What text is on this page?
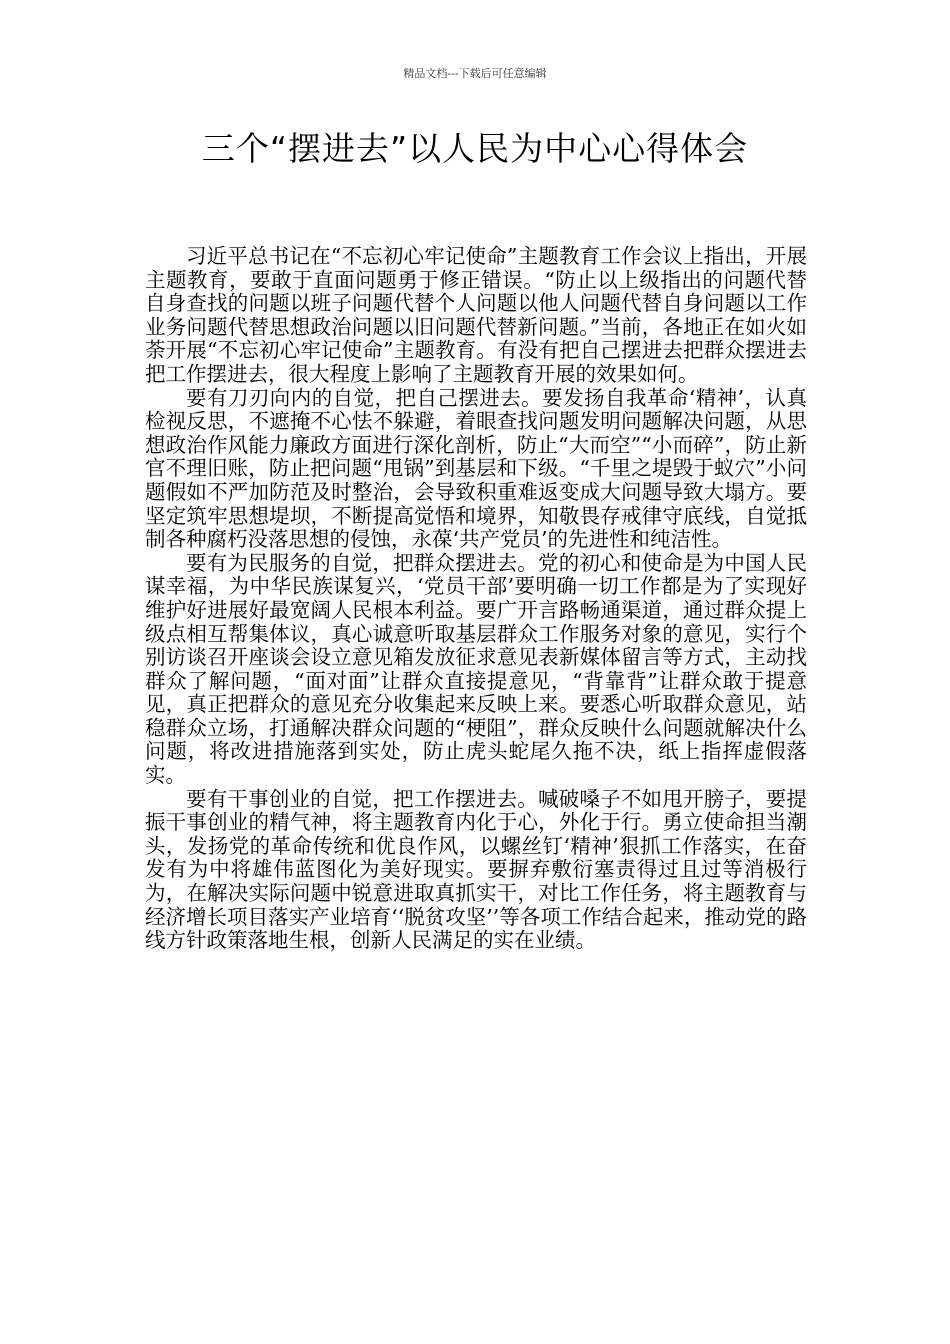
精品文档---下载后可任意编辑
三个“摆进去”以人民为中心心得体会

习近平总书记在“不忘初心牢记使命”主题教育工作会议上指出，开展主题教育，要敢于直面问题勇于修正错误。“防止以上级指出的问题代替自身查找的问题以班子问题代替个人问题以他人问题代替自身问题以工作业务问题代替思想政治问题以旧问题代替新问题。”当前，各地正在如火如荼开展“不忘初心牢记使命”主题教育。有没有把自己摆进去把群众摆进去把工作摆进去，很大程度上影响了主题教育开展的效果如何。

要有刀刃向内的自觉，把自己摆进去。要发扬自我革命‘精神’，认真检视反思，不遮掩不心怯不躲避，着眼查找问题发明问题解决问题，从思想政治作风能力廉政方面进行深化剖析，防止“大而空”“小而碎”，防止新官不理旧账，防止把问题“甩锅”到基层和下级。“千里之堤毁于蚁穴”小问题假如不严加防范及时整治，会导致积重难返变成大问题导致大塌方。要坚定筑牢思想堤坝，不断提高觉悟和境界，知敬畏存戒律守底线，自觉抵制各种腐朽没落思想的侵蚀，永葆‘共产党员’的先进性和纯洁性。

要有为民服务的自觉，把群众摆进去。党的初心和使命是为中国人民谋幸福，为中华民族谋复兴，‘党员干部’要明确一切工作都是为了实现好维护好进展好最宽阔人民根本利益。要广开言路畅通渠道，通过群众提上级点相互帮集体议，真心诚意听取基层群众工作服务对象的意见，实行个别访谈召开座谈会设立意见箱发放征求意见表新媒体留言等方式，主动找群众了解问题，“面对面”让群众直接提意见，“背靠背”让群众敢于提意见，真正把群众的意见充分收集起来反映上来。要悉心听取群众意见，站稳群众立场，打通解决群众问题的“梗阻”，群众反映什么问题就解决什么问题，将改进措施落到实处，防止虎头蛇尾久拖不决，纸上指挥虚假落实。

要有干事创业的自觉，把工作摆进去。喊破嗓子不如甩开膀子，要提振干事创业的精气神，将主题教育内化于心，外化于行。勇立使命担当潮头，发扬党的革命传统和优良作风，以螺丝钉‘精神’狠抓工作落实，在奋发有为中将雄伟蓝图化为美好现实。要摒弃敷衍塞责得过且过等消极行为，在解决实际问题中锐意进取真抓实干，对比工作任务，将主题教育与经济增长项目落实产业培育‘‘脱贫攻坚’’等各项工作结合起来，推动党的路线方针政策落地生根，创新人民满足的实在业绩。
